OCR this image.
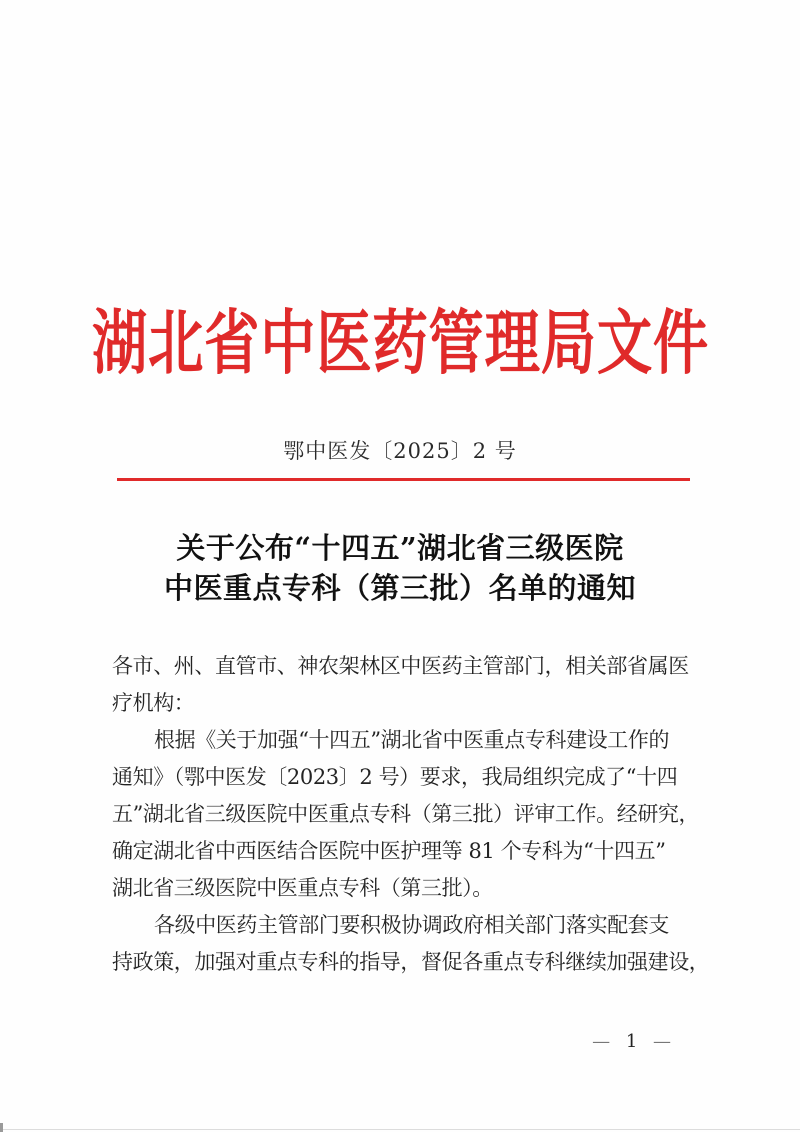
湖北省中医药管理局文件
鄂中医发〔2025〕2 号
关于公布“十四五”湖北省三级医院
中医重点专科（第三批）名单的通知
各市、州、直管市、神农架林区中医药主管部门，相关部省属医
疗机构：
根据《关于加强“十四五”湖北省中医重点专科建设工作的
通知》（鄂中医发〔2023〕2 号）要求，我局组织完成了“十四
五”湖北省三级医院中医重点专科（第三批）评审工作。经研究，
确定湖北省中西医结合医院中医护理等 81 个专科为“十四五”
湖北省三级医院中医重点专科（第三批）。
各级中医药主管部门要积极协调政府相关部门落实配套支
持政策，加强对重点专科的指导，督促各重点专科继续加强建设，
— 1 —
